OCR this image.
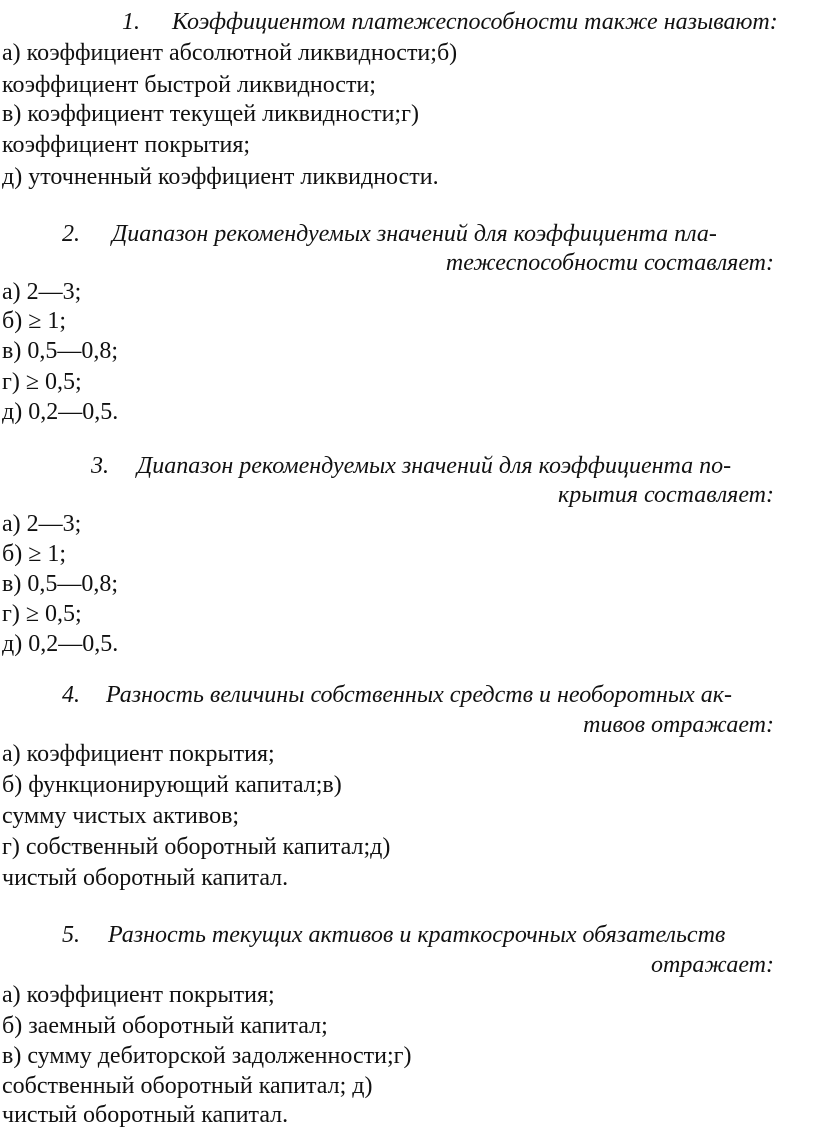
1. Коэффициентом платежеспособности также называют:
а) коэффициент абсолютной ликвидности;б)
коэффициент быстрой ликвидности;
в) коэффициент текущей ликвидности;г)
коэффициент покрытия;
д) уточненный коэффициент ликвидности.
2. Диапазон рекомендуемых значений для коэффициента пла-
тежеспособности составляет:
а) 2—3;
б) ≥ 1;
в) 0,5—0,8;
г) ≥ 0,5;
д) 0,2—0,5.
3. Диапазон рекомендуемых значений для коэффициента по-
крытия составляет:
а) 2—3;
б) ≥ 1;
в) 0,5—0,8;
г) ≥ 0,5;
д) 0,2—0,5.
4. Разность величины собственных средств и необоротных ак-
тивов отражает:
а) коэффициент покрытия;
б) функционирующий капитал;в)
сумму чистых активов;
г) собственный оборотный капитал;д)
чистый оборотный капитал.
5. Разность текущих активов и краткосрочных обязательств
отражает:
а) коэффициент покрытия;
б) заемный оборотный капитал;
в) сумму дебиторской задолженности;г)
собственный оборотный капитал; д)
чистый оборотный капитал.
